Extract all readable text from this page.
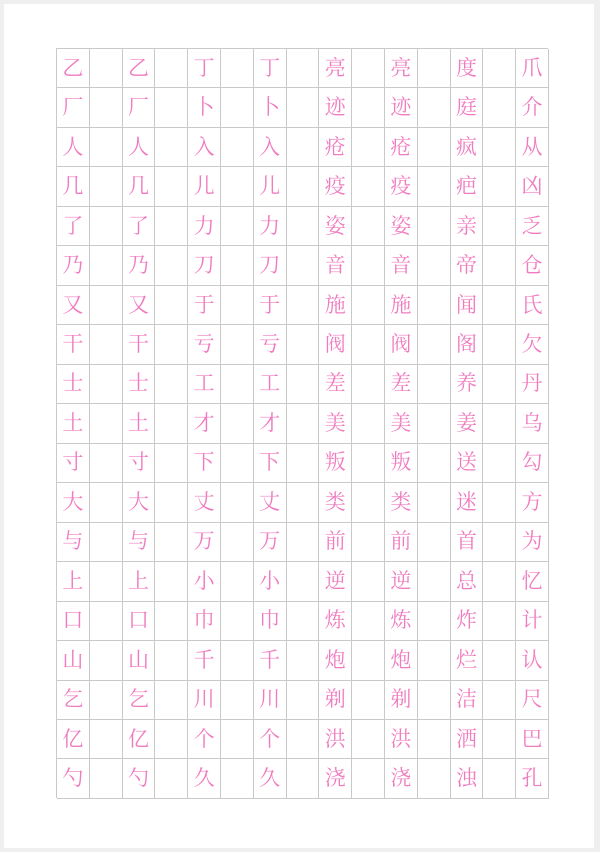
乙	乙	丁	丁	亮	亮	度	爪
厂	厂	卜	卜	迹	迹	庭	介
人	人	入	入	疮	疮	疯	从
几	几	儿	儿	疫	疫	疤	凶
了	了	力	力	姿	姿	亲	乏
乃	乃	刀	刀	音	音	帝	仓
又	又	于	于	施	施	闻	氏
干	干	亏	亏	阀	阀	阁	欠
士	士	工	工	差	差	养	丹
土	土	才	才	美	美	姜	乌
寸	寸	下	下	叛	叛	送	勾
大	大	丈	丈	类	类	迷	方
与	与	万	万	前	前	首	为
上	上	小	小	逆	逆	总	忆
口	口	巾	巾	炼	炼	炸	计
山	山	千	千	炮	炮	烂	认
乞	乞	川	川	剃	剃	洁	尺
亿	亿	个	个	洪	洪	洒	巴
勺	勺	久	久	浇	浇	浊	孔
